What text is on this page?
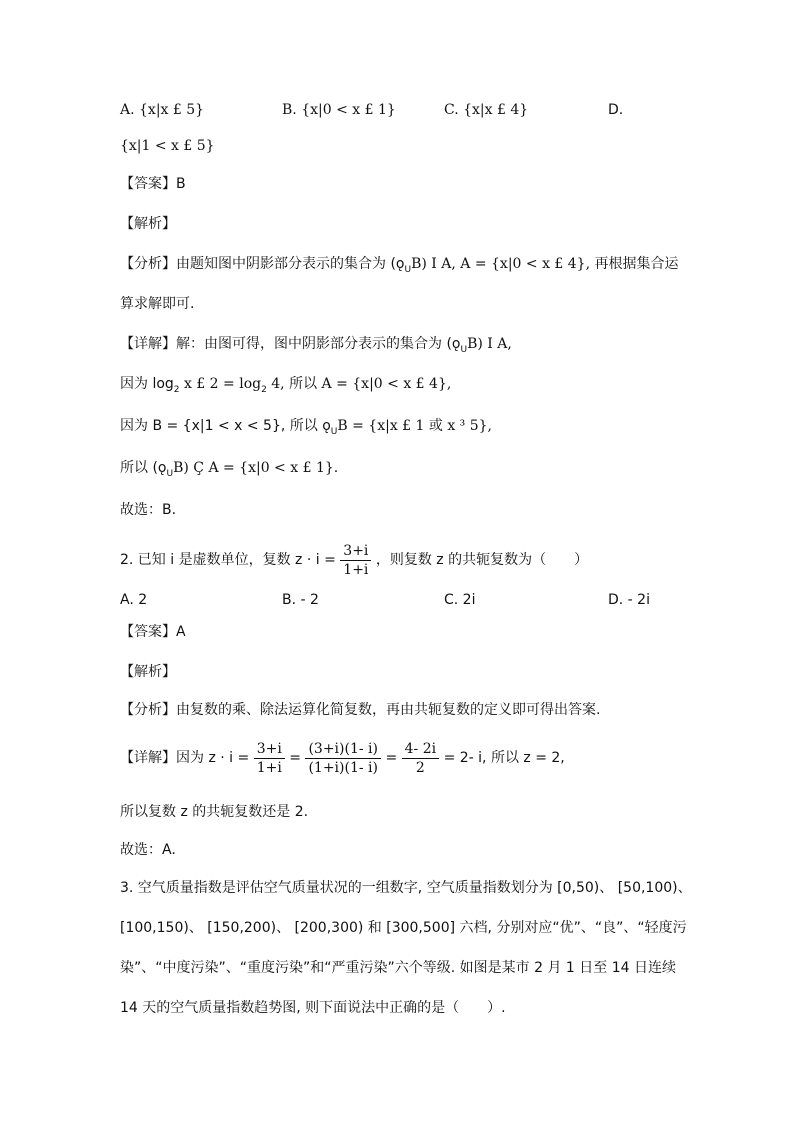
A. {x|x £ 5}	B. {x|0 < x £ 1}	C. {x|x £ 4}	D.
{x|1 < x £ 5}
【答案】B
【解析】
【分析】由题知图中阴影部分表示的集合为 $(ǫ_UB)$ Ι A, A = {x|0 < x £ 4}, 再根据集合运
算求解即可.
【详解】解：由图可得，图中阴影部分表示的集合为 $(ǫ_UB)$ Ι A,
因为 $\log_2 x$ £ $2 = \log_2 4$, 所以 A = {x|0 < x £ 4},
因为 B = {x|1 < x < 5}, 所以 $ǫ_UB = \{x|x$ £ 1 或 x ³ 5},
所以 $(ǫ_UB)$ Ç A = {x|0 < x £ 1}.
故选：B.
2. 已知 i 是虚数单位，复数 $z \cdot i = \frac{3+i}{1+i}$ ，则复数 z 的共轭复数为（　　）
A. 2	B. - 2	C. 2i	D. - 2i
【答案】A
【解析】
【分析】由复数的乘、除法运算化简复数，再由共轭复数的定义即可得出答案.
【详解】因为 $z \cdot i = \frac{3+i}{1+i} = \frac{(3+i)(1- i)}{(1+i)(1- i)} = \frac{4- 2i}{2} = 2-$ i, 所以 z = 2,
所以复数 z 的共轭复数还是 2.
故选：A.
3. 空气质量指数是评估空气质量状况的一组数字, 空气质量指数划分为 [0,50)、 [50,100)、
[100,150)、 [150,200)、 [200,300) 和 [300,500] 六档, 分别对应“优”、“良”、“轻度污
染”、“中度污染”、“重度污染”和“严重污染”六个等级. 如图是某市 2 月 1 日至 14 日连续
14 天的空气质量指数趋势图, 则下面说法中正确的是（　　）.
